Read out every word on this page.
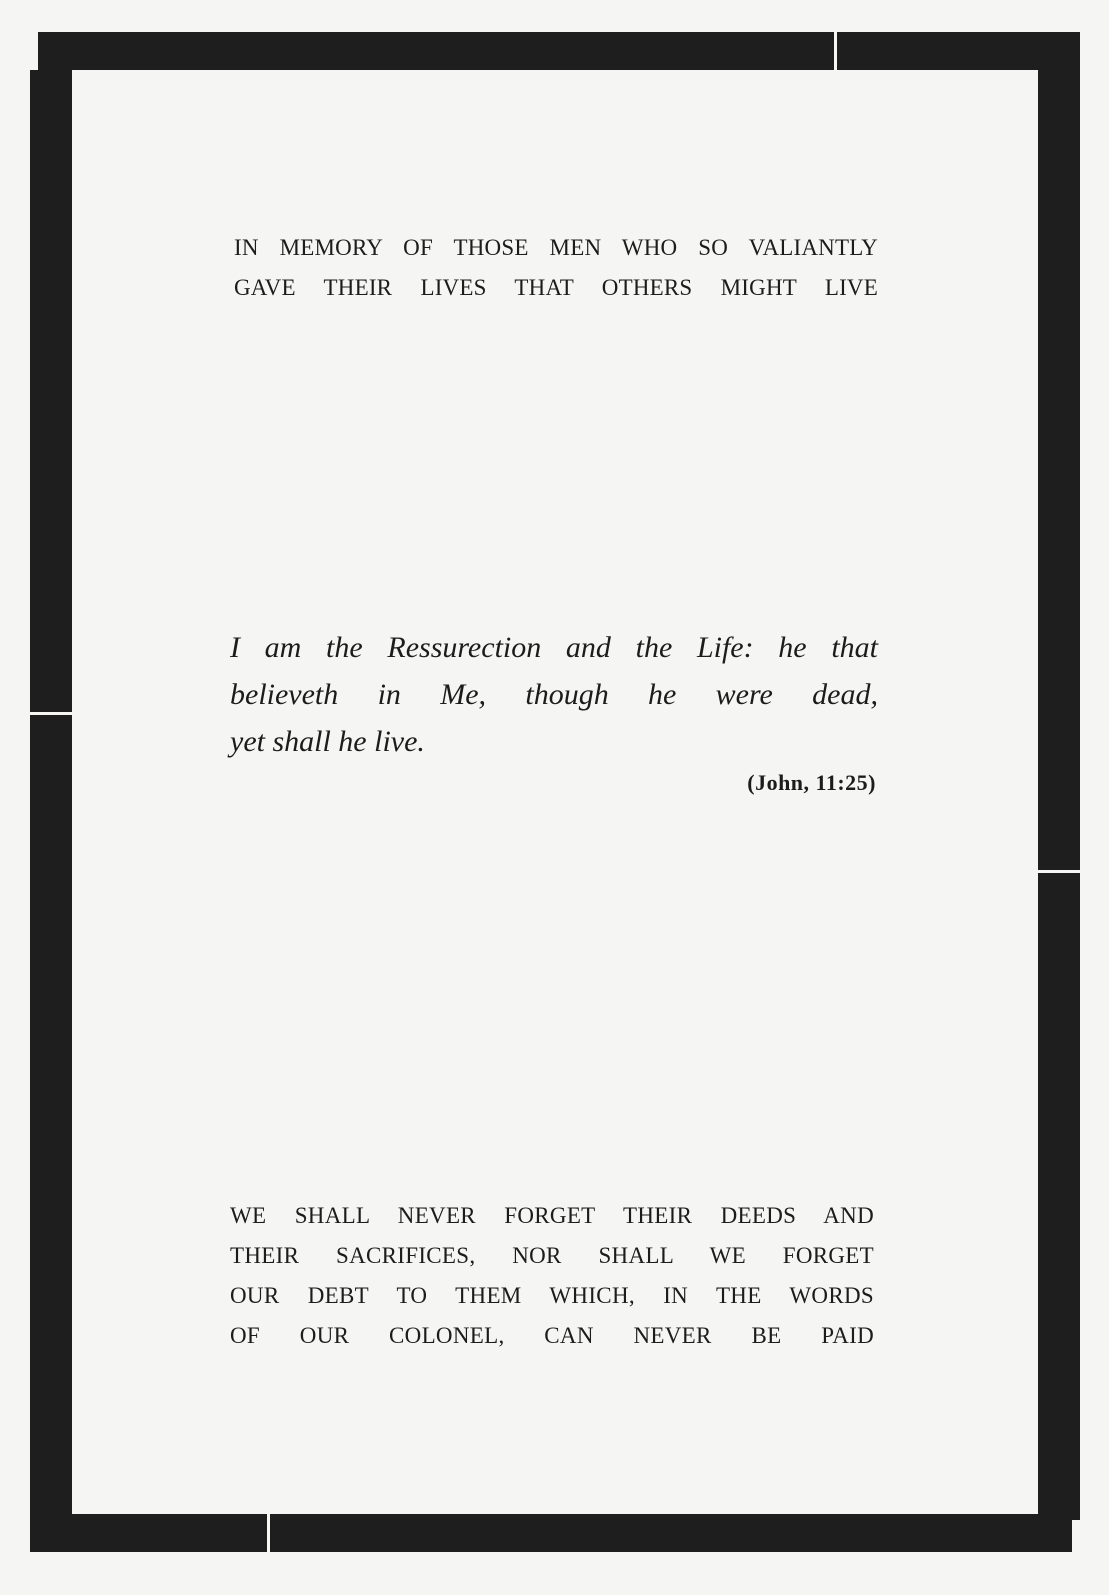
IN MEMORY OF THOSE MEN WHO SO VALIANTLY
GAVE THEIR LIVES THAT OTHERS MIGHT LIVE
I am the Ressurection and the Life: he that
believeth in Me, though he were dead,
yet shall he live.
(John, 11:25)
WE SHALL NEVER FORGET THEIR DEEDS AND
THEIR SACRIFICES, NOR SHALL WE FORGET
OUR DEBT TO THEM WHICH, IN THE WORDS
OF OUR COLONEL, CAN NEVER BE PAID
